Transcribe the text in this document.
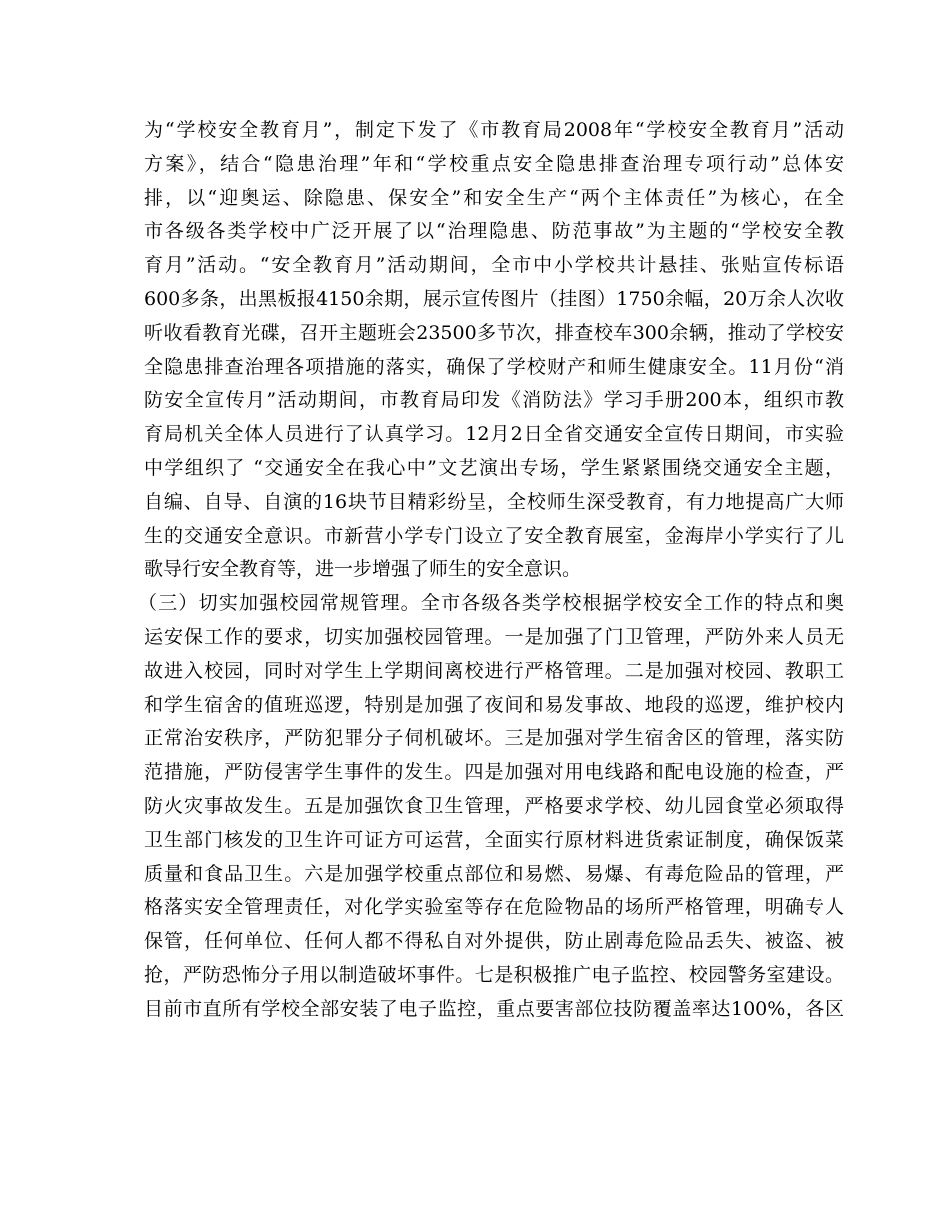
为“学校安全教育月”，制定下发了《市教育局2008年“学校安全教育月”活动
方案》，结合“隐患治理”年和“学校重点安全隐患排查治理专项行动”总体安
排，以“迎奥运、除隐患、保安全”和安全生产“两个主体责任”为核心，在全
市各级各类学校中广泛开展了以“治理隐患、防范事故”为主题的“学校安全教
育月”活动。“安全教育月”活动期间，全市中小学校共计悬挂、张贴宣传标语
600多条，出黑板报4150余期，展示宣传图片（挂图）1750余幅，20万余人次收
听收看教育光碟，召开主题班会23500多节次，排查校车300余辆，推动了学校安
全隐患排查治理各项措施的落实，确保了学校财产和师生健康安全。11月份“消
防安全宣传月”活动期间，市教育局印发《消防法》学习手册200本，组织市教
育局机关全体人员进行了认真学习。12月2日全省交通安全宣传日期间，市实验
中学组织了 “交通安全在我心中”文艺演出专场，学生紧紧围绕交通安全主题，
自编、自导、自演的16块节目精彩纷呈，全校师生深受教育，有力地提高广大师
生的交通安全意识。市新营小学专门设立了安全教育展室，金海岸小学实行了儿
歌导行安全教育等，进一步增强了师生的安全意识。
（三）切实加强校园常规管理。全市各级各类学校根据学校安全工作的特点和奥
运安保工作的要求，切实加强校园管理。一是加强了门卫管理，严防外来人员无
故进入校园，同时对学生上学期间离校进行严格管理。二是加强对校园、教职工
和学生宿舍的值班巡逻，特别是加强了夜间和易发事故、地段的巡逻，维护校内
正常治安秩序，严防犯罪分子伺机破坏。三是加强对学生宿舍区的管理，落实防
范措施，严防侵害学生事件的发生。四是加强对用电线路和配电设施的检查，严
防火灾事故发生。五是加强饮食卫生管理，严格要求学校、幼儿园食堂必须取得
卫生部门核发的卫生许可证方可运营，全面实行原材料进货索证制度，确保饭菜
质量和食品卫生。六是加强学校重点部位和易燃、易爆、有毒危险品的管理，严
格落实安全管理责任，对化学实验室等存在危险物品的场所严格管理，明确专人
保管，任何单位、任何人都不得私自对外提供，防止剧毒危险品丢失、被盗、被
抢，严防恐怖分子用以制造破坏事件。七是积极推广电子监控、校园警务室建设。
目前市直所有学校全部安装了电子监控，重点要害部位技防覆盖率达100%，各区
